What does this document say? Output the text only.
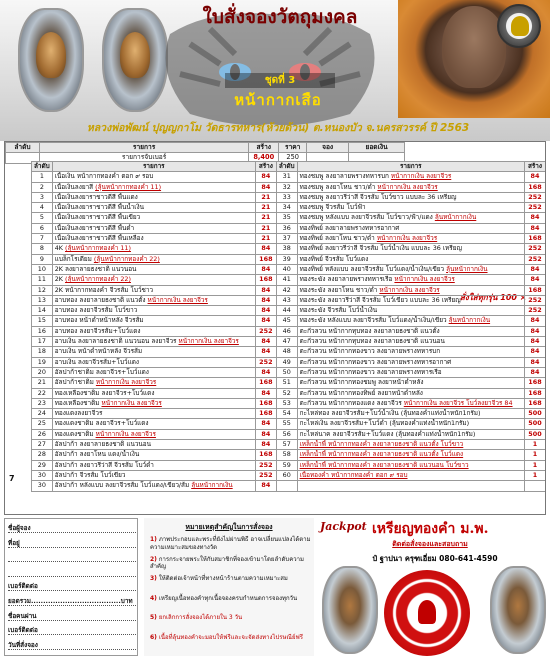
ใบสั่งจองวัตถุมงคล
ชุดที่ 3
หน้ากากเสือ
หลวงพ่อพัฒน์ ปุญญกาโม วัดธารทหาร(ห้วยด้วน) ต.หนองบัว จ.นครสวรรค์ ปี 2563
ลำดับ	รายการ	สร้าง	ราคา	จอง	ยอดเงิน
	รายการจับเบอร์	8,400	250		
สั่งใส่ทุกรุ่น 100 ×
7
ลำดับ	รายการ	สร้าง	ลำดับ	รายการ	สร้าง
1	เนื้อเงิน หน้ากากทองคำ ตอก ๙ รอบ	84	31	ทองชมพู ลงยาลายพรางทหารบก หน้ากากเงิน ลงยาจีวร	84
2	เนื้อเงินลงยาสี (ลุ้นหน้ากากทองคำ 11)	84	32	ทองชมพู ลงยาโหน ชาว/ดำ หน้ากากเงิน ลงยาจีวร	168
3	เนื้อเงินลงยาราชาวดีสี พื้นแดง	21	33	ทองชมพู ลงยาวรีว่าสี จีวรส้ม โบว์ขาว แบบละ 36 เหรียญ	252
4	เนื้อเงินลงยาราชาวดีสี พื้นน้ำเงิน	21	34	ทองชมพู จีวรส้ม โบว์ฟ้า	252
5	เนื้อเงินลงยาราชาวดีสี พื้นเขียว	21	35	ทองชมพู หลังแบบ ลงยาจีวรส้ม โบว์ขาว/ฟ้า/แดง ลุ้นหน้ากากเงิน	84
6	เนื้อเงินลงยาราชาวดีสี พื้นดำ	21	36	ทองทิพย์ ลงยาลายพรางทหารอากาศ	84
7	เนื้อเงินลงยาราชาวดีสี พื้นเหลือง	21	37	ทองทิพย์ ลงยาโหน ชาว/ดำ หน้ากากเงิน ลงยาจีวร	168
8	4K (ลุ้นหน้ากากทองคำ 11)	84	38	ทองทิพย์ ลงยาวรีว่าสี จีวรส้ม โบว์น้ำเงิน แบบละ 36 เหรียญ	252
9	แบล็กโรเดียม (ลุ้นหน้ากากทองคำ 22)	168	39	ทองทิพย์ จีวรส้ม โบว์แดง	252
10	2K ลงยาลายธงชาติ แนวนอน	84	40	ทองทิพย์ หลังแบบ ลงยาจีวรส้ม โบว์แดง/น้ำเงิน/เขียว ลุ้นหน้ากากเงิน	84
11	2K (ลุ้นหน้ากากทองคำ 22)	168	41	ทองระฆัง ลงยาลายพรางทหารเรือ หน้ากากเงิน ลงยาจีวร	84
12	2K หน้ากากทองคำ จีวรส้ม โบว์ชาว	84	42	ทองระฆัง ลงยาโหน ชาว/ดำ หน้ากากเงิน ลงยาจีวร	168
13	อาบทอง ลงยาลายธงชาติ แนวตั้ง หน้ากากเงิน ลงยาจีวร	84	43	ทองระฆัง ลงยาวรีว่าสี จีวรส้ม โบว์เขียว แบบละ 36 เหรียญ	252
14	อาบทอง ลงยาจีวรส้ม โบว์ขาว	84	44	ทองระฆัง จีวรส้ม โบว์น้ำเงิน	252
15	อาบทอง หน้าดำหน้าหลัง จีวรส้ม	84	45	ทองระฆัง หลังแบบ ลงยาจีวรส้ม โบว์แดง/น้ำเงิน/เขียว ลุ้นหน้ากากเงิน	84
16	อาบทอง ลงยาจีวรส้ม+โบว์แดง	252	46	ตะกั่วลวน หน้ากากทุบทอง ลงยาลายธงชาติ แนวตั้ง	84
17	อาบเงิน ลงยาลายธงชาติ แนวนอน ลงยาจีวร หน้ากากเงิน ลงยาจีวร	84	47	ตะกั่วลวน หน้ากากทุบทอง ลงยาลายธงชาติ แนวนอน	84
18	อาบเงิน หน้าดำหน้าหลัง จีวรส้ม	84	48	ตะกั่วลวน หน้ากากทองขาว ลงยาลายพรางทหารบก	84
19	อาบเงิน ลงยาจีวรส้ม+โบว์แดง	252	49	ตะกั่วลวน หน้ากากทองขาว ลงยาลายพรางทหารอากาศ	84
20	อัลปาก้าชาติม ลงยาจีวร+โบว์แดง	84	50	ตะกั่วลวน หน้ากากทองขาว ลงยาลายพรางทหารเรือ	84
21	อัลปาก้าชาติม หน้ากากเงิน ลงยาจีวร	168	51	ตะกั่วลวน หน้ากากทองชมพู ลงยาหน้าดำหลัง	168
22	ทองเหลืองชาติม ลงยาจีวร+โบว์แดง	84	52	ตะกั่วลวน หน้ากากทองทิพย์ ลงยาหน้าดำหลัง	168
23	ทองเหลืองชาติม หน้ากากเงิน ลงยาจีวร	168	53	ตะกั่วลวน หน้ากากทองแดง ลงยาจีวร หน้ากากเงิน ลงยาจีวร โบว์ลงยาจีวร 84	168
24	ทองแดงลงยาจีวร	168	54	กะไหล่ทอง ลงยาจีวรส้ม+โบว์น้ำเงิน (ลุ้นทองคำแท่งน้ำหนัก1กรัม)	500
25	ทองแดงชาติม ลงยาจีวร+โบว์แดง	84	55	กะไหล่เงิน ลงยาจีวรส้ม+โบว์ดำ (ลุ้นทองคำแท่งน้ำหนัก1กรัม)	500
26	ทองแดงชาติม หน้ากากเงิน ลงยาจีวร	84	56	กะไหล่นาค ลงยาจีวรส้ม+โบว์แดง (ลุ้นทองคำแท่งน้ำหนัก1กรัม)	500
27	อัลปาก้า ลงยาลายธงชาติ แนวนอน	84	57	เหล็กน้ำพี้ หน้ากากทองคำ ลงยาลายธงชาติ แนวตั้ง โบว์ขาว	1
28	อัลปาก้า ลงยาโหน แดง/น้ำเงิน	168	58	เหล็กน้ำพี้ หน้ากากทองคำ ลงยาลายธงชาติ แนวตั้ง โบว์แดง	1
29	อัลปาก้า ลงยาวรีว่าสี จีวรส้ม โบว์ดำ	252	59	เหล็กน้ำพี้ หน้ากากทองคำ ลงยาลายธงชาติ แนวนอน โบว์ขาว	1
30	อัลปาก้า จีวรส้ม โบว์เขียว	252	60	เนื้อทองคำ หน้ากากทองคำ ตอก ๙ รอบ	1
30	อัลปาก้า หลังแบบ ลงยาจีวรส้ม โบว์แดง/เขียว/ส้ม ลุ้นหน้ากากเงิน	84			
ชื่อผู้จอง
ที่อยู่
เบอร์ติดต่อ
ยอดรวม.....................................บาท
ชื่อคนผ่าน
เบอร์ติดต่อ
วันที่สั่งจอง
หมายเหตุสำคัญในการสั่งจอง
1) ภาพประกอบและพระที่ยังไม่ผ่านพิธี อาจเปลี่ยนแปลงได้ตามความเหมาะสมของทางวัด
2) การกระจายพระให้กับสมาชิกที่จองเข้ามาโดยลำดับความสำคัญ
3) ให้ติดต่อเจ้าหน้าที่ทางหน้าร้านตามความเหมาะสม
4) เหรียญเนื้อทองคำทุกเนื้อจองครบกำหนดการจองทุกวัน
5) ยกเลิกการสั่งจองได้ภายใน 3 วัน
6) เนื้อที่ลุ้นทองคำจะมอบให้ฟรีและจะจัดส่งทางไปรษณีย์ฟรี
Jackpot เหรียญทองคำ ม.พ.
ติดต่อสั่งจองและสอบถาม
ป๋ ฐาปนา ครุฑเอี่ยม 080-641-4590
